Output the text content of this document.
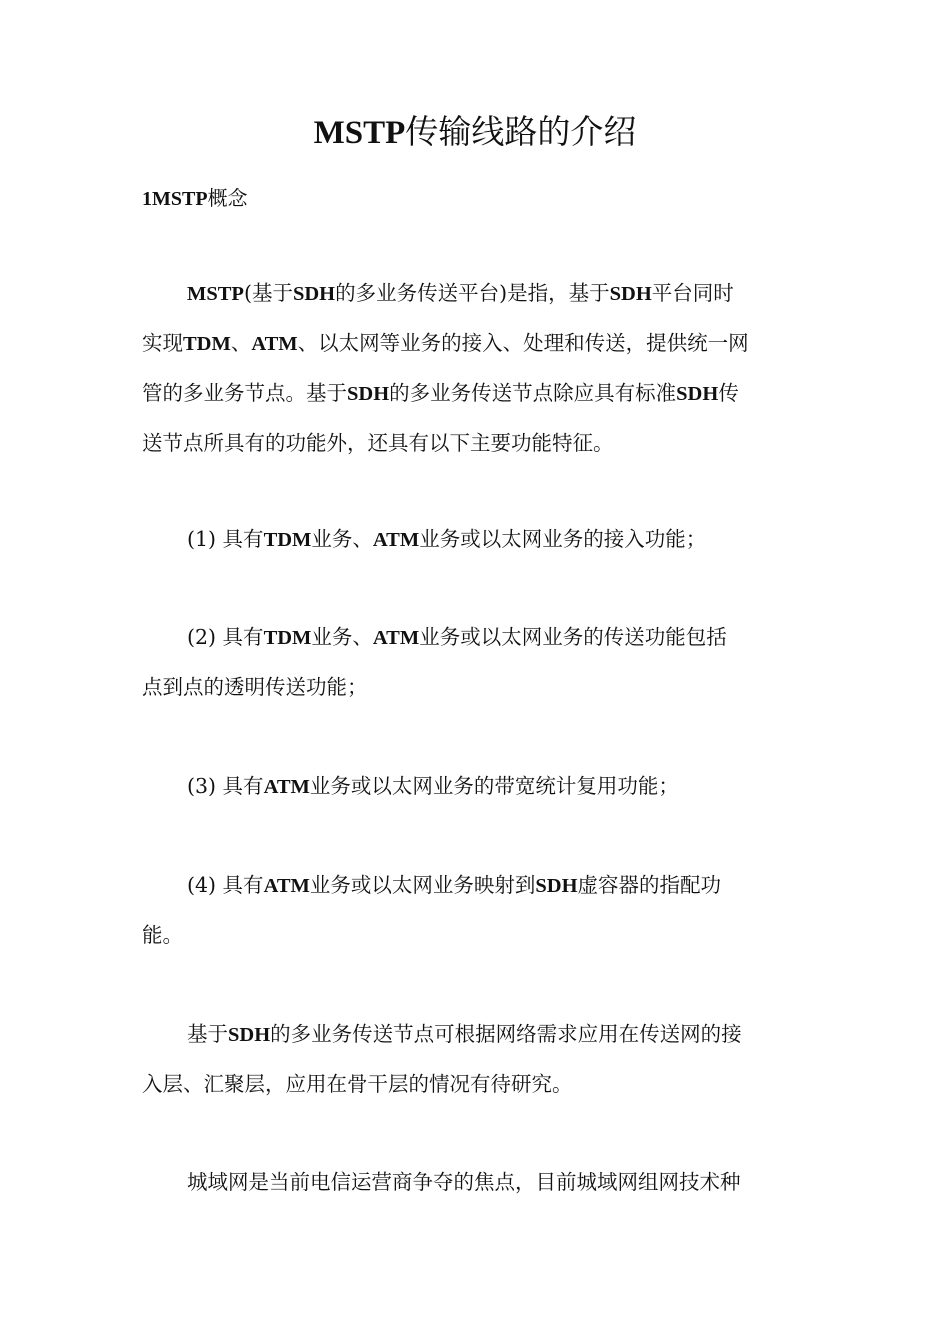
MSTP传输线路的介绍
1MSTP概念
MSTP(基于SDH的多业务传送平台)是指，基于SDH平台同时
实现TDM、ATM、以太网等业务的接入、处理和传送，提供统一网
管的多业务节点。基于SDH的多业务传送节点除应具有标准SDH传
送节点所具有的功能外，还具有以下主要功能特征。
(1) 具有TDM业务、ATM业务或以太网业务的接入功能；
(2) 具有TDM业务、ATM业务或以太网业务的传送功能包括
点到点的透明传送功能；
(3) 具有ATM业务或以太网业务的带宽统计复用功能；
(4) 具有ATM业务或以太网业务映射到SDH虚容器的指配功
能。
基于SDH的多业务传送节点可根据网络需求应用在传送网的接
入层、汇聚层，应用在骨干层的情况有待研究。
城域网是当前电信运营商争夺的焦点，目前城域网组网技术种
